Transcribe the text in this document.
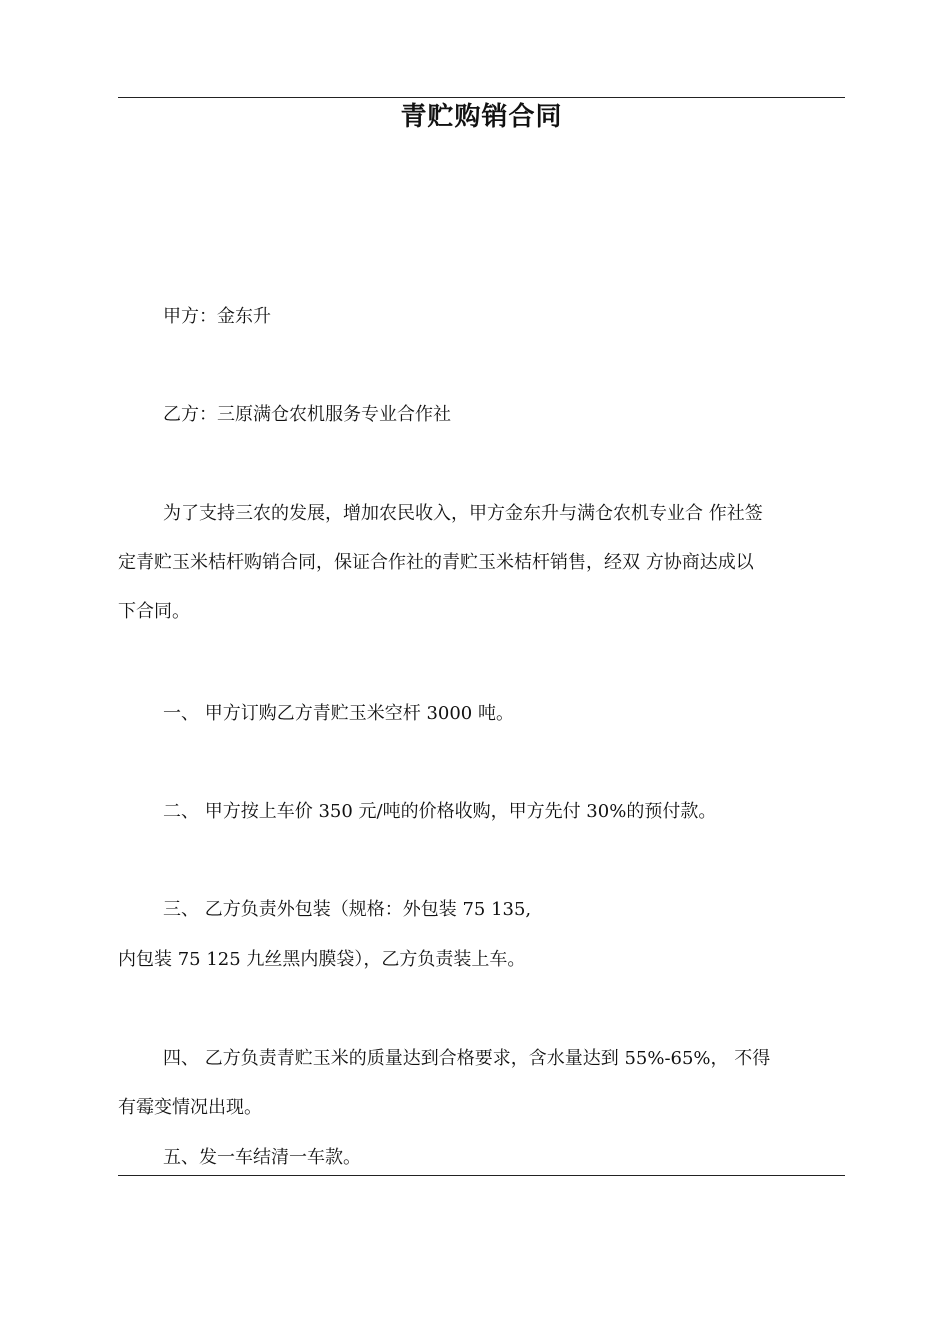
青贮购销合同
甲方：金东升
乙方：三原满仓农机服务专业合作社
为了支持三农的发展，增加农民收入，甲方金东升与满仓农机专业合 作社签
定青贮玉米桔杆购销合同，保证合作社的青贮玉米桔杆销售，经双 方协商达成以
下合同。
一、 甲方订购乙方青贮玉米空杆 3000 吨。
二、 甲方按上车价 350 元/吨的价格收购，甲方先付 30%的预付款。
三、 乙方负责外包装（规格：外包装 75 135,
内包装 75 125 九丝黑内膜袋），乙方负责装上车。
四、 乙方负责青贮玉米的质量达到合格要求，含水量达到 55%-65%， 不得
有霉变情况出现。
五、发一车结清一车款。
